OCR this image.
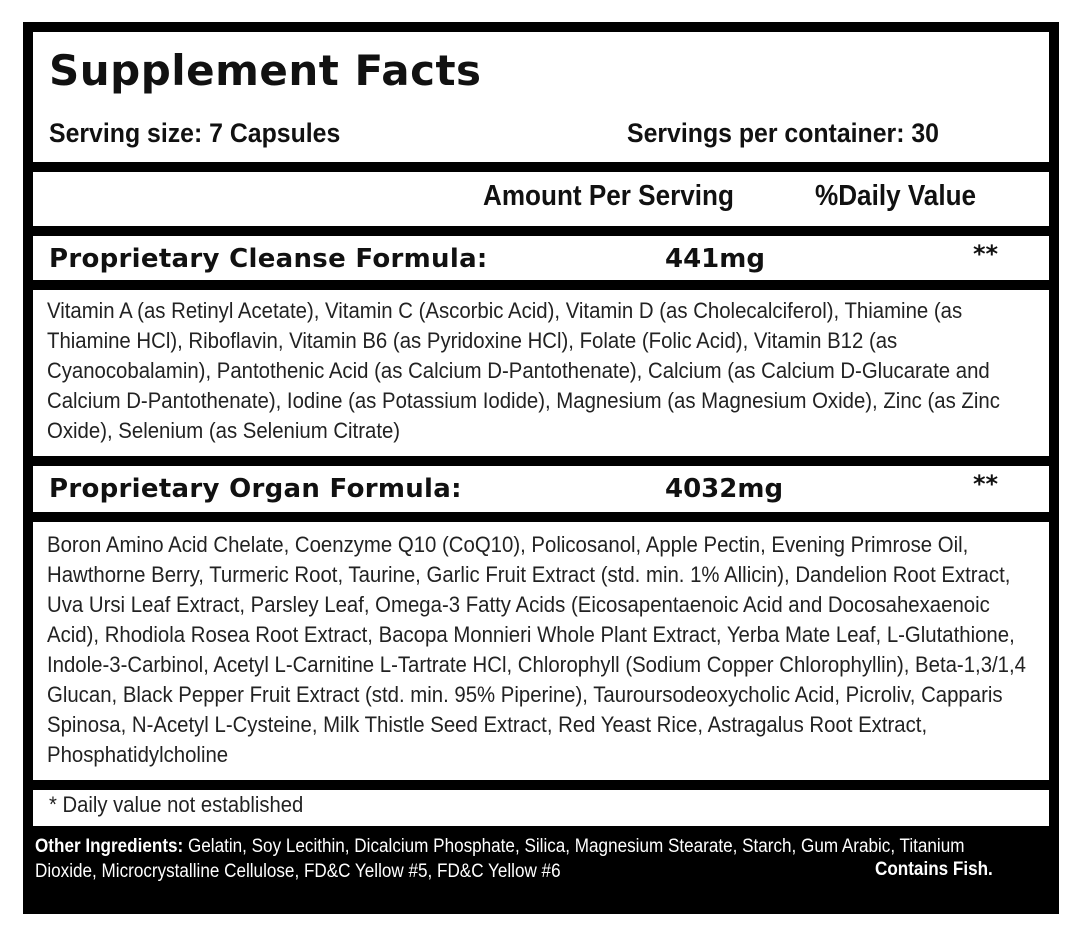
Supplement Facts
Serving size: 7 Capsules	Servings per container: 30
Amount Per Serving	%Daily Value
Proprietary Cleanse Formula:	441mg	**

Vitamin A (as Retinyl Acetate), Vitamin C (Ascorbic Acid), Vitamin D (as Cholecalciferol), Thiamine (as Thiamine HCl), Riboflavin, Vitamin B6 (as Pyridoxine HCl), Folate (Folic Acid), Vitamin B12 (as Cyanocobalamin), Pantothenic Acid (as Calcium D-Pantothenate), Calcium (as Calcium D-Glucarate and Calcium D-Pantothenate), Iodine (as Potassium Iodide), Magnesium (as Magnesium Oxide), Zinc (as Zinc Oxide), Selenium (as Selenium Citrate)

Proprietary Organ Formula:	4032mg	**

Boron Amino Acid Chelate, Coenzyme Q10 (CoQ10), Policosanol, Apple Pectin, Evening Primrose Oil, Hawthorne Berry, Turmeric Root, Taurine, Garlic Fruit Extract (std. min. 1% Allicin), Dandelion Root Extract, Uva Ursi Leaf Extract, Parsley Leaf, Omega-3 Fatty Acids (Eicosapentaenoic Acid and Docosahexaenoic Acid), Rhodiola Rosea Root Extract, Bacopa Monnieri Whole Plant Extract, Yerba Mate Leaf, L-Glutathione, Indole-3-Carbinol, Acetyl L-Carnitine L-Tartrate HCl, Chlorophyll (Sodium Copper Chlorophyllin), Beta-1,3/1,4 Glucan, Black Pepper Fruit Extract (std. min. 95% Piperine), Tauroursodeoxycholic Acid, Picroliv, Capparis Spinosa, N-Acetyl L-Cysteine, Milk Thistle Seed Extract, Red Yeast Rice, Astragalus Root Extract, Phosphatidylcholine

* Daily value not established
Other Ingredients: Gelatin, Soy Lecithin, Dicalcium Phosphate, Silica, Magnesium Stearate, Starch, Gum Arabic, Titanium Dioxide, Microcrystalline Cellulose, FD&C Yellow #5, FD&C Yellow #6	Contains Fish.
